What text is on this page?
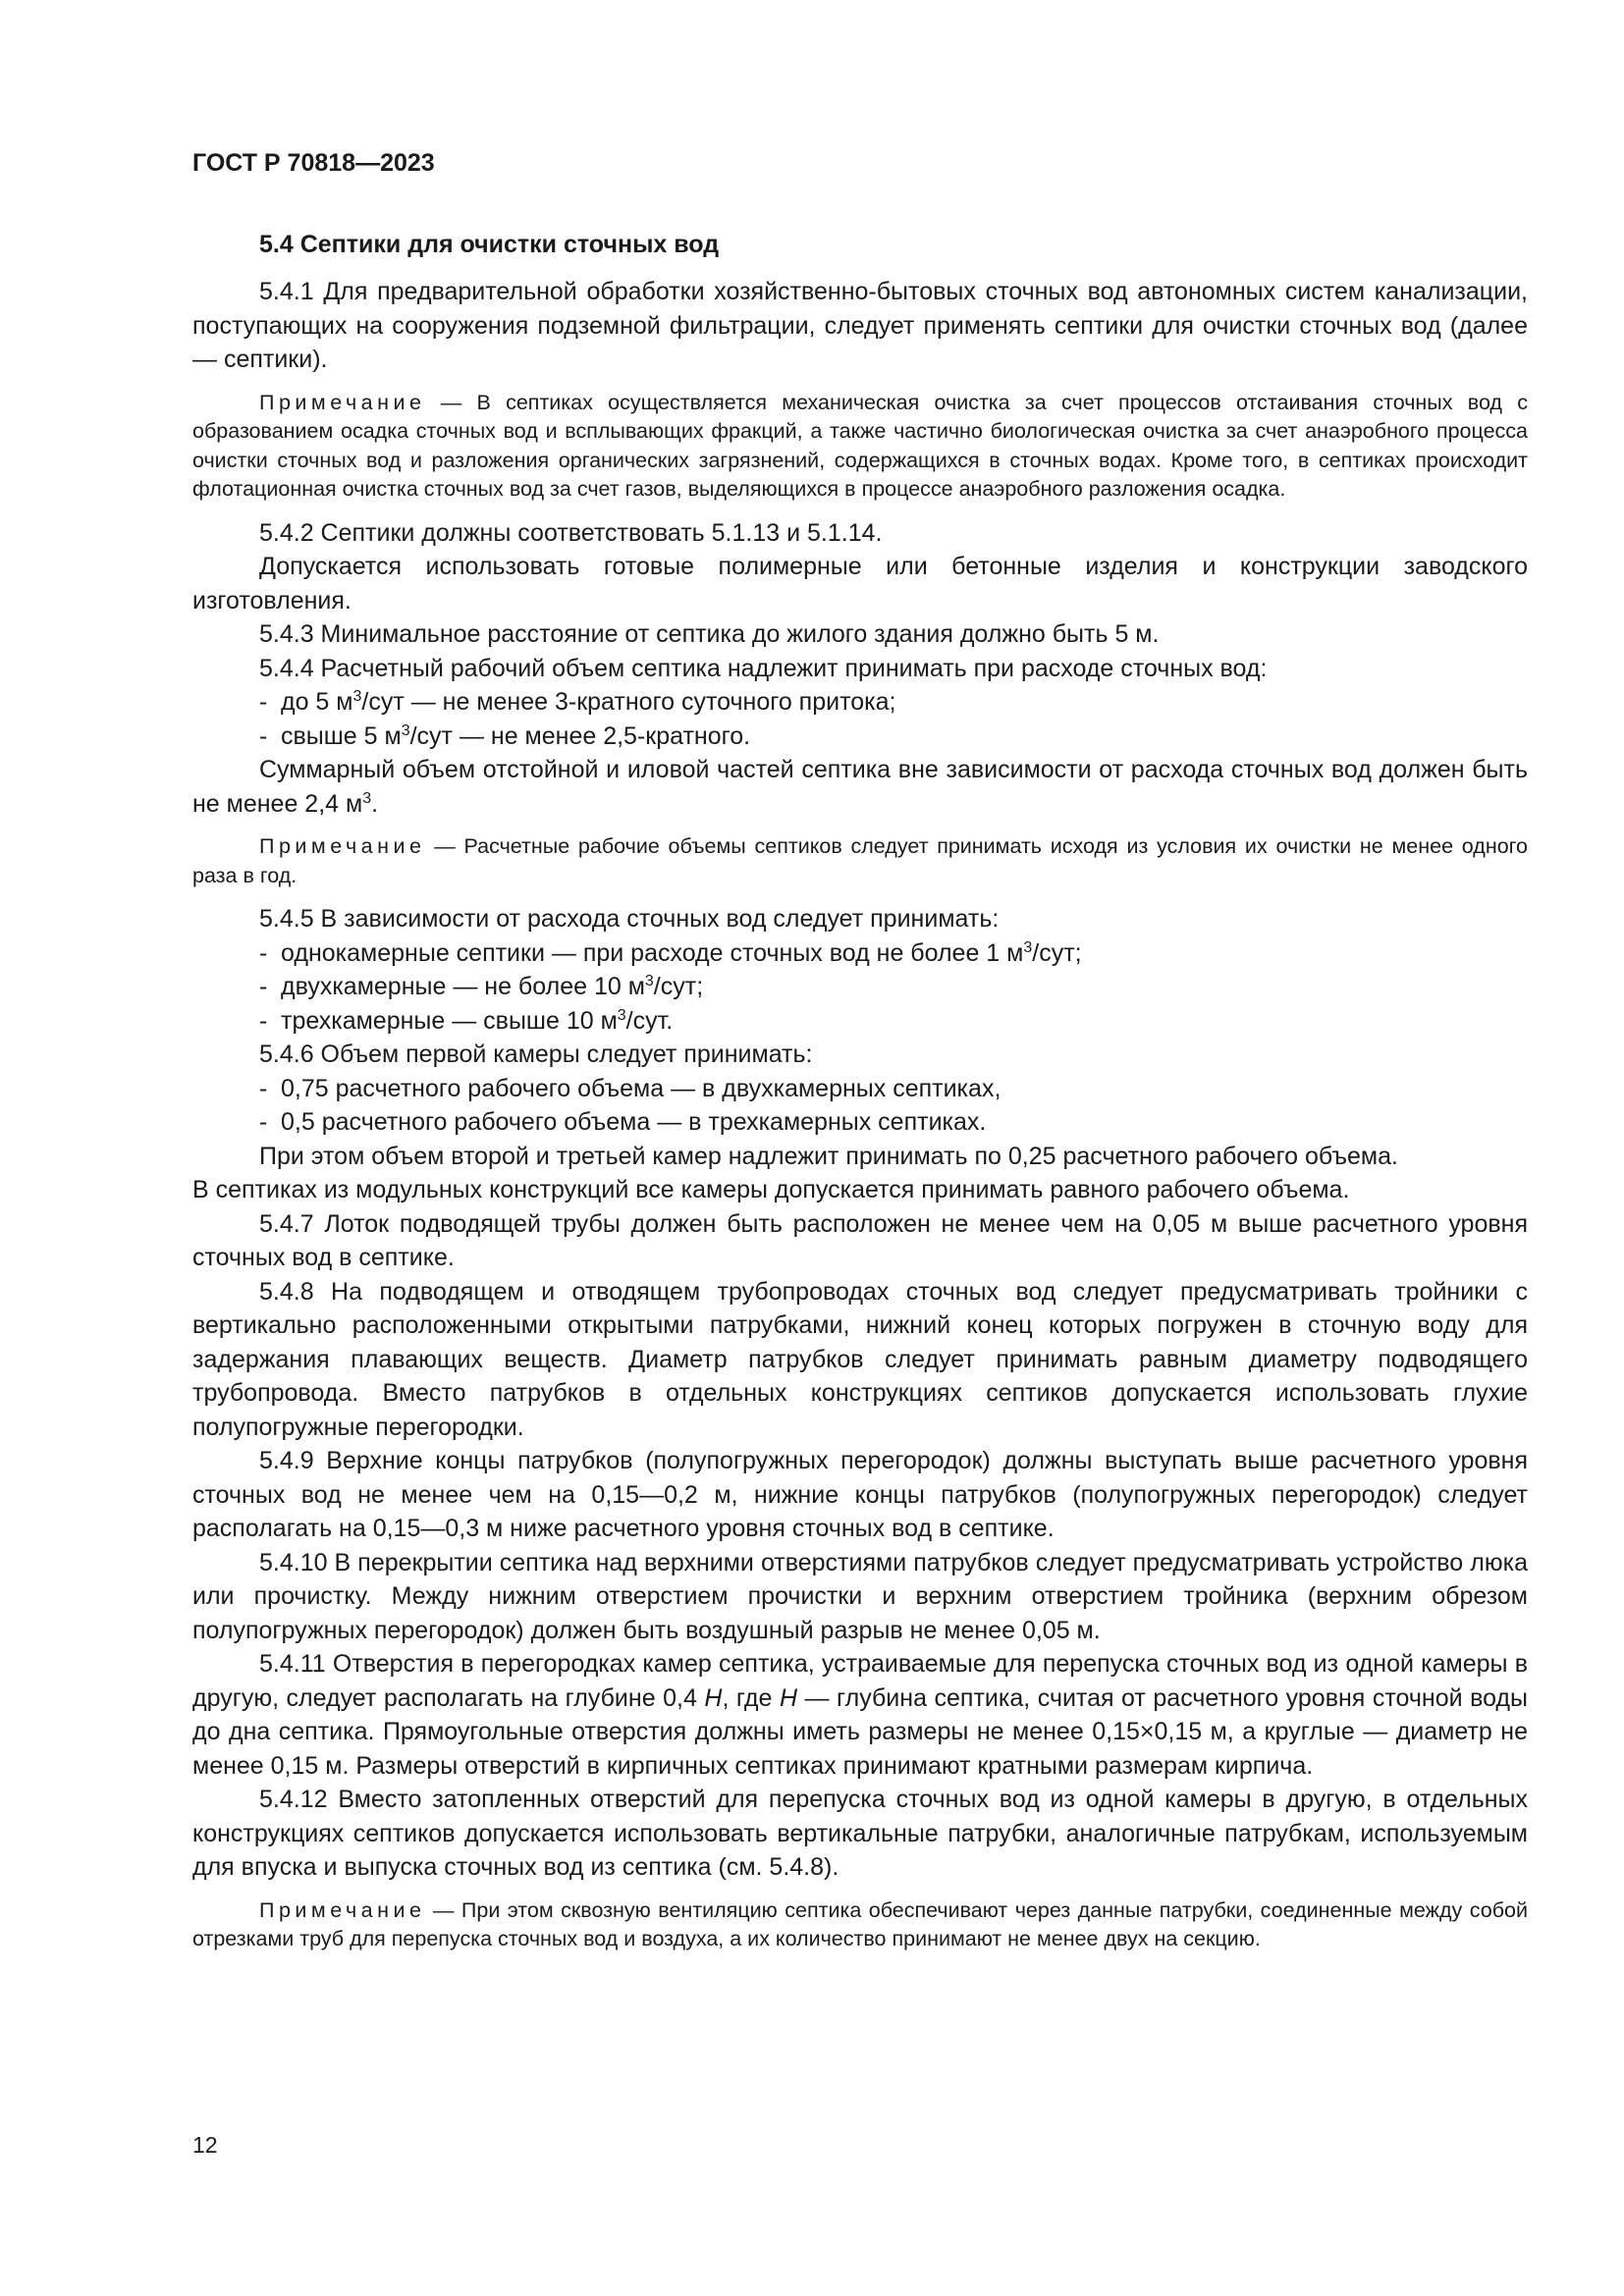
ГОСТ Р 70818—2023
5.4 Септики для очистки сточных вод

5.4.1 Для предварительной обработки хозяйственно-бытовых сточных вод автономных систем канализации, поступающих на сооружения подземной фильтрации, следует применять септики для очистки сточных вод (далее — септики).

Примечание — В септиках осуществляется механическая очистка за счет процессов отстаивания сточных вод с образованием осадка сточных вод и всплывающих фракций, а также частично биологическая очистка за счет анаэробного процесса очистки сточных вод и разложения органических загрязнений, содержащихся в сточных водах. Кроме того, в септиках происходит флотационная очистка сточных вод за счет газов, выделяющихся в процессе анаэробного разложения осадка.

5.4.2 Септики должны соответствовать 5.1.13 и 5.1.14.

Допускается использовать готовые полимерные или бетонные изделия и конструкции заводского изготовления.

5.4.3 Минимальное расстояние от септика до жилого здания должно быть 5 м.

5.4.4 Расчетный рабочий объем септика надлежит принимать при расходе сточных вод:

- до 5 $м^3$/сут — не менее 3-кратного суточного притока;
- свыше 5 $м^3$/сут — не менее 2,5-кратного.

Суммарный объем отстойной и иловой частей септика вне зависимости от расхода сточных вод должен быть не менее 2,4 $м^3$.

Примечание — Расчетные рабочие объемы септиков следует принимать исходя из условия их очистки не менее одного раза в год.

5.4.5 В зависимости от расхода сточных вод следует принимать:

- однокамерные септики — при расходе сточных вод не более 1 $м^3$/сут;
- двухкамерные — не более 10 $м^3$/сут;
- трехкамерные — свыше 10 $м^3$/сут.

5.4.6 Объем первой камеры следует принимать:

- 0,75 расчетного рабочего объема — в двухкамерных септиках,
- 0,5 расчетного рабочего объема — в трехкамерных септиках.

При этом объем второй и третьей камер надлежит принимать по 0,25 расчетного рабочего объема.

В септиках из модульных конструкций все камеры допускается принимать равного рабочего объема.

5.4.7 Лоток подводящей трубы должен быть расположен не менее чем на 0,05 м выше расчетного уровня сточных вод в септике.

5.4.8 На подводящем и отводящем трубопроводах сточных вод следует предусматривать тройники с вертикально расположенными открытыми патрубками, нижний конец которых погружен в сточную воду для задержания плавающих веществ. Диаметр патрубков следует принимать равным диаметру подводящего трубопровода. Вместо патрубков в отдельных конструкциях септиков допускается использовать глухие полупогружные перегородки.

5.4.9 Верхние концы патрубков (полупогружных перегородок) должны выступать выше расчетного уровня сточных вод не менее чем на 0,15—0,2 м, нижние концы патрубков (полупогружных перегородок) следует располагать на 0,15—0,3 м ниже расчетного уровня сточных вод в септике.

5.4.10 В перекрытии септика над верхними отверстиями патрубков следует предусматривать устройство люка или прочистку. Между нижним отверстием прочистки и верхним отверстием тройника (верхним обрезом полупогружных перегородок) должен быть воздушный разрыв не менее 0,05 м.

5.4.11 Отверстия в перегородках камер септика, устраиваемые для перепуска сточных вод из одной камеры в другую, следует располагать на глубине 0,4 H, где H — глубина септика, считая от расчетного уровня сточной воды до дна септика. Прямоугольные отверстия должны иметь размеры не менее 0,15×0,15 м, а круглые — диаметр не менее 0,15 м. Размеры отверстий в кирпичных септиках принимают кратными размерам кирпича.

5.4.12 Вместо затопленных отверстий для перепуска сточных вод из одной камеры в другую, в отдельных конструкциях септиков допускается использовать вертикальные патрубки, аналогичные патрубкам, используемым для впуска и выпуска сточных вод из септика (см. 5.4.8).

Примечание — При этом сквозную вентиляцию септика обеспечивают через данные патрубки, соединенные между собой отрезками труб для перепуска сточных вод и воздуха, а их количество принимают не менее двух на секцию.

12
